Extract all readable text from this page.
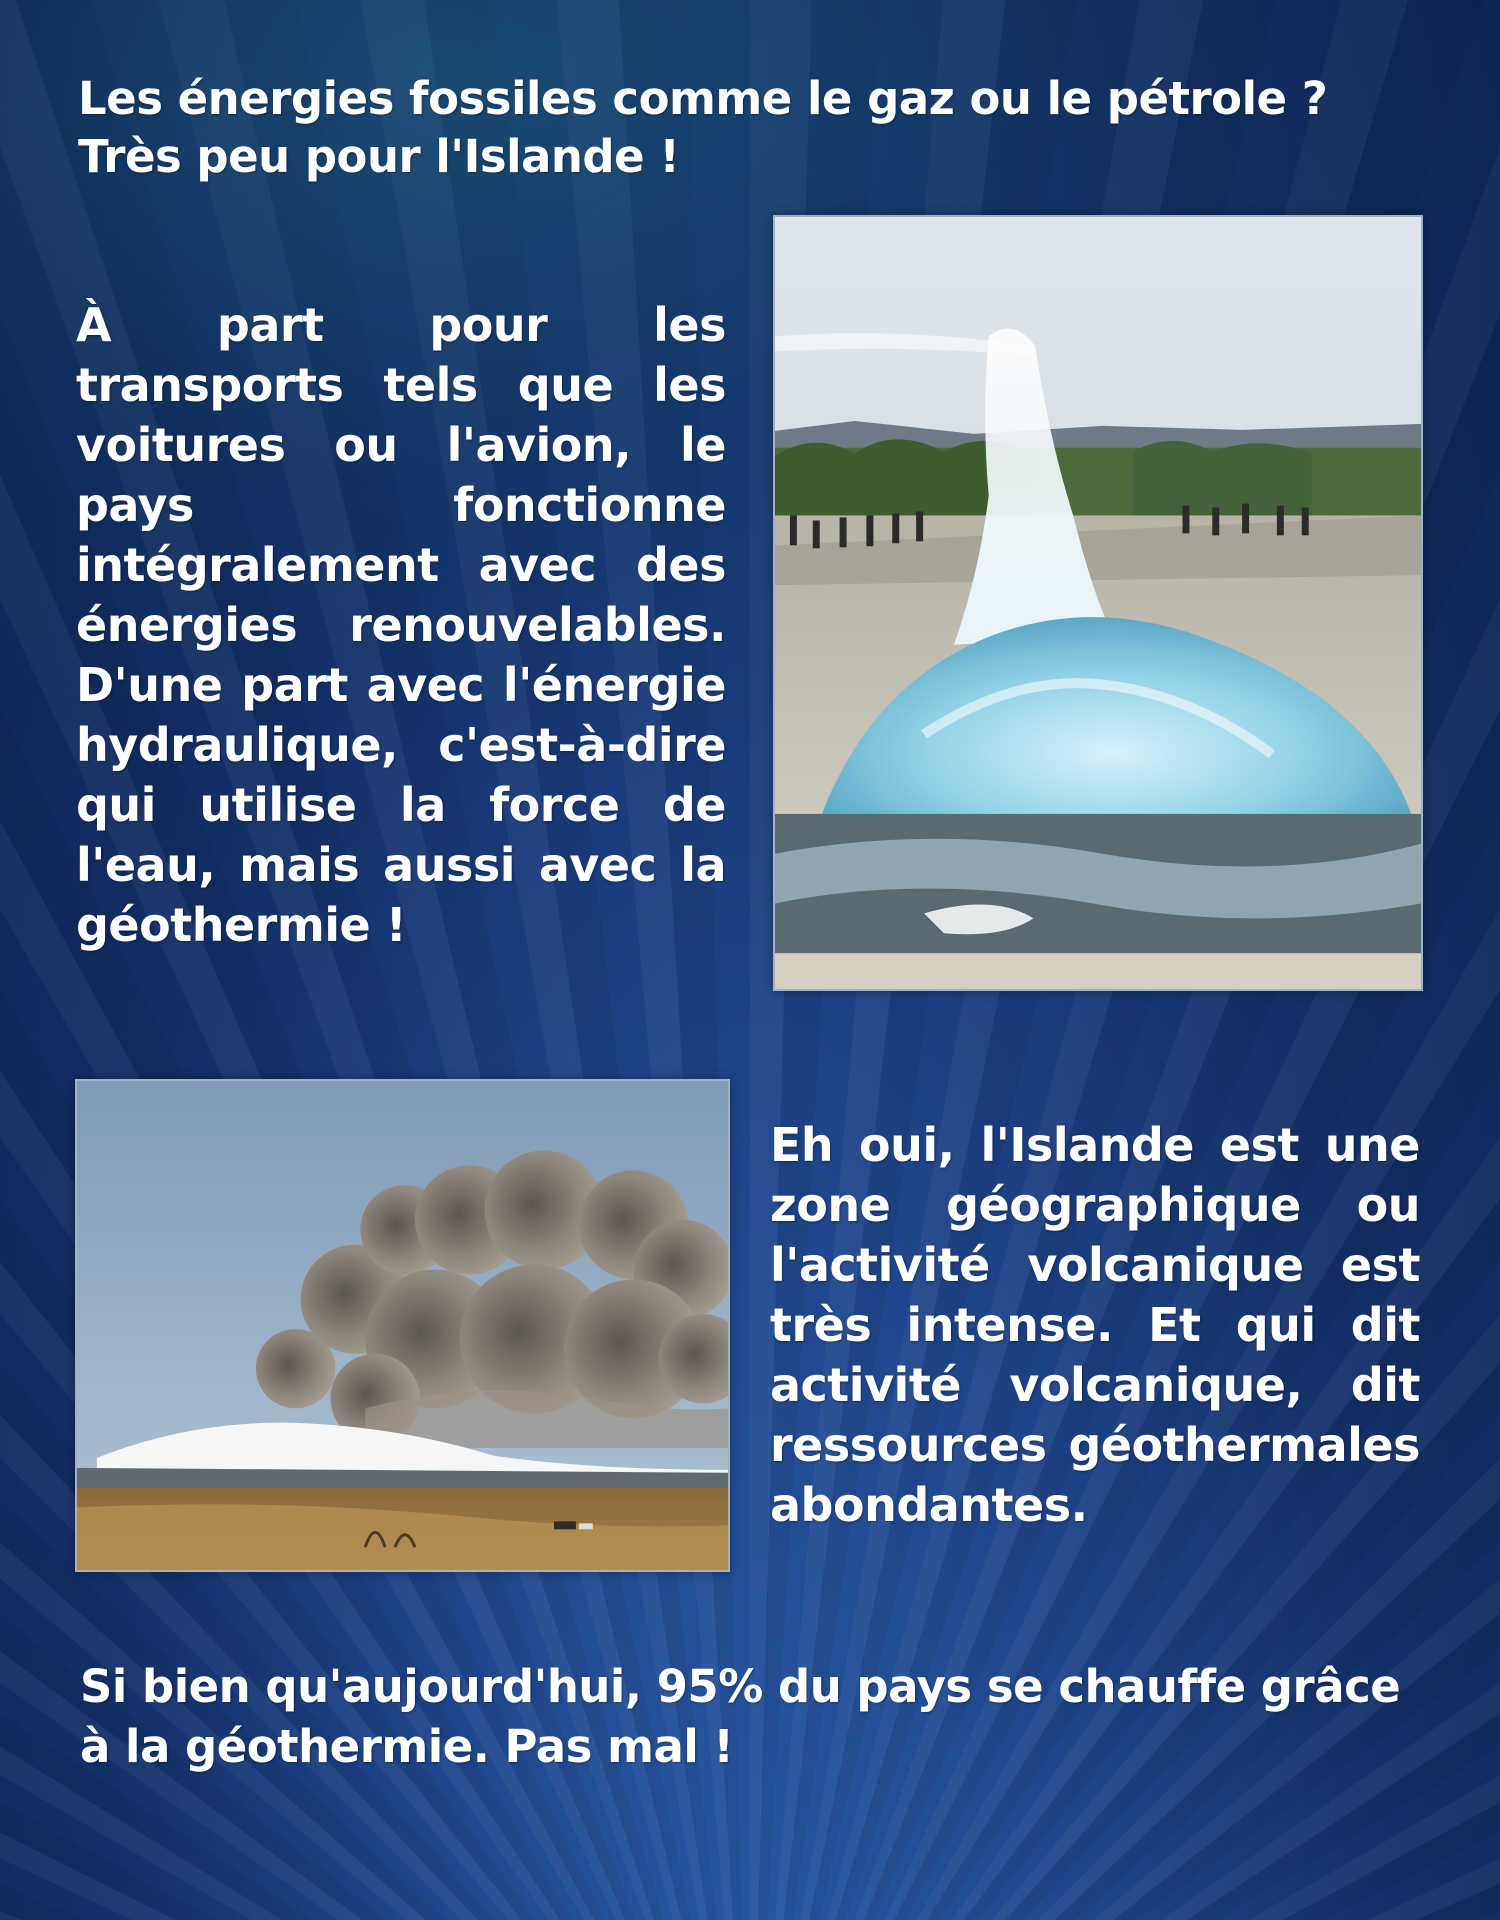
Les énergies fossiles comme le gaz ou le pétrole ? Très peu pour l'Islande !
À part pour les transports tels que les voitures ou l'avion, le pays fonctionne intégralement avec des énergies renouvelables. D'une part avec l'énergie hydraulique, c'est-à-dire qui utilise la force de l'eau, mais aussi avec la géothermie !
Eh oui, l'Islande est une zone géographique ou l'activité volcanique est très intense. Et qui dit activité volcanique, dit ressources géothermales abondantes.
Si bien qu'aujourd'hui, 95% du pays se chauffe grâce à la géothermie. Pas mal !
